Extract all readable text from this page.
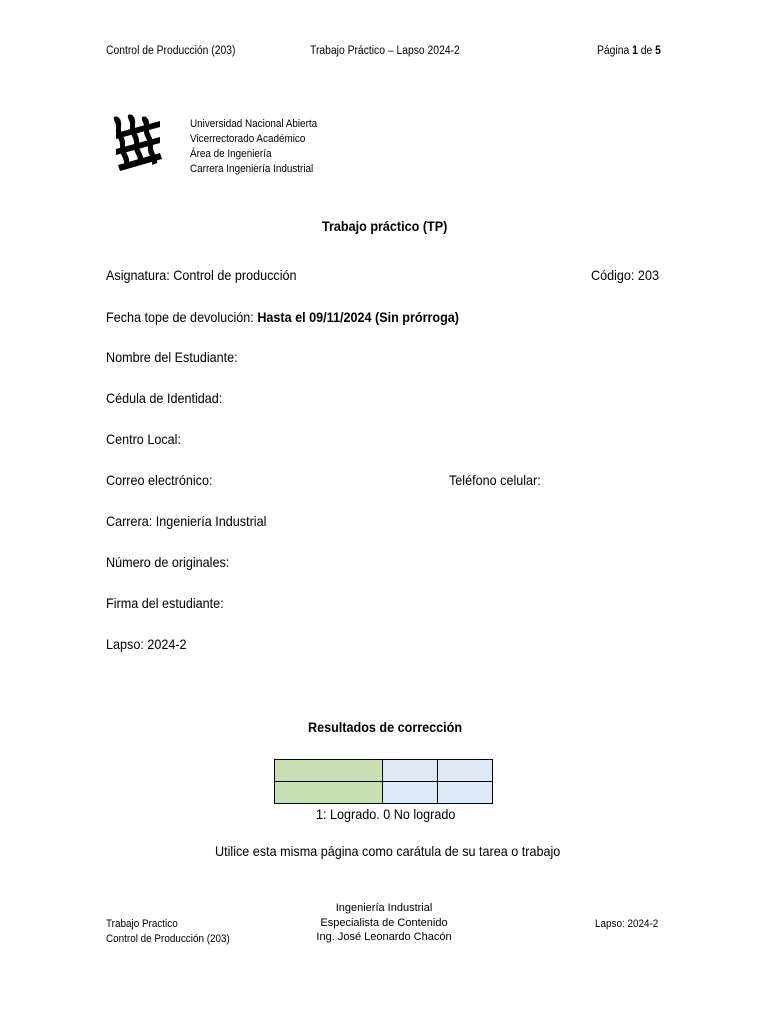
Control de Producción (203)	Trabajo Práctico – Lapso 2024-2	Página 1 de 5
Universidad Nacional Abierta
Vicerrectorado Académico
Área de Ingeniería
Carrera Ingeniería Industrial
Trabajo práctico (TP)
Asignatura: Control de producción	Código: 203
Fecha tope de devolución: Hasta el 09/11/2024 (Sin prórroga)
Nombre del Estudiante:
Cédula de Identidad:
Centro Local:
Correo electrónico:	Teléfono celular:
Carrera: Ingeniería Industrial
Número de originales:
Firma del estudiante:
Lapso: 2024-2
Resultados de corrección

1: Logrado. 0 No logrado
Utilice esta misma página como carátula de su tarea o trabajo
Trabajo Practico
Control de Producción (203)
Ingeniería Industrial
Especialista de Contenido
Ing. José Leonardo Chacón
Lapso: 2024-2
